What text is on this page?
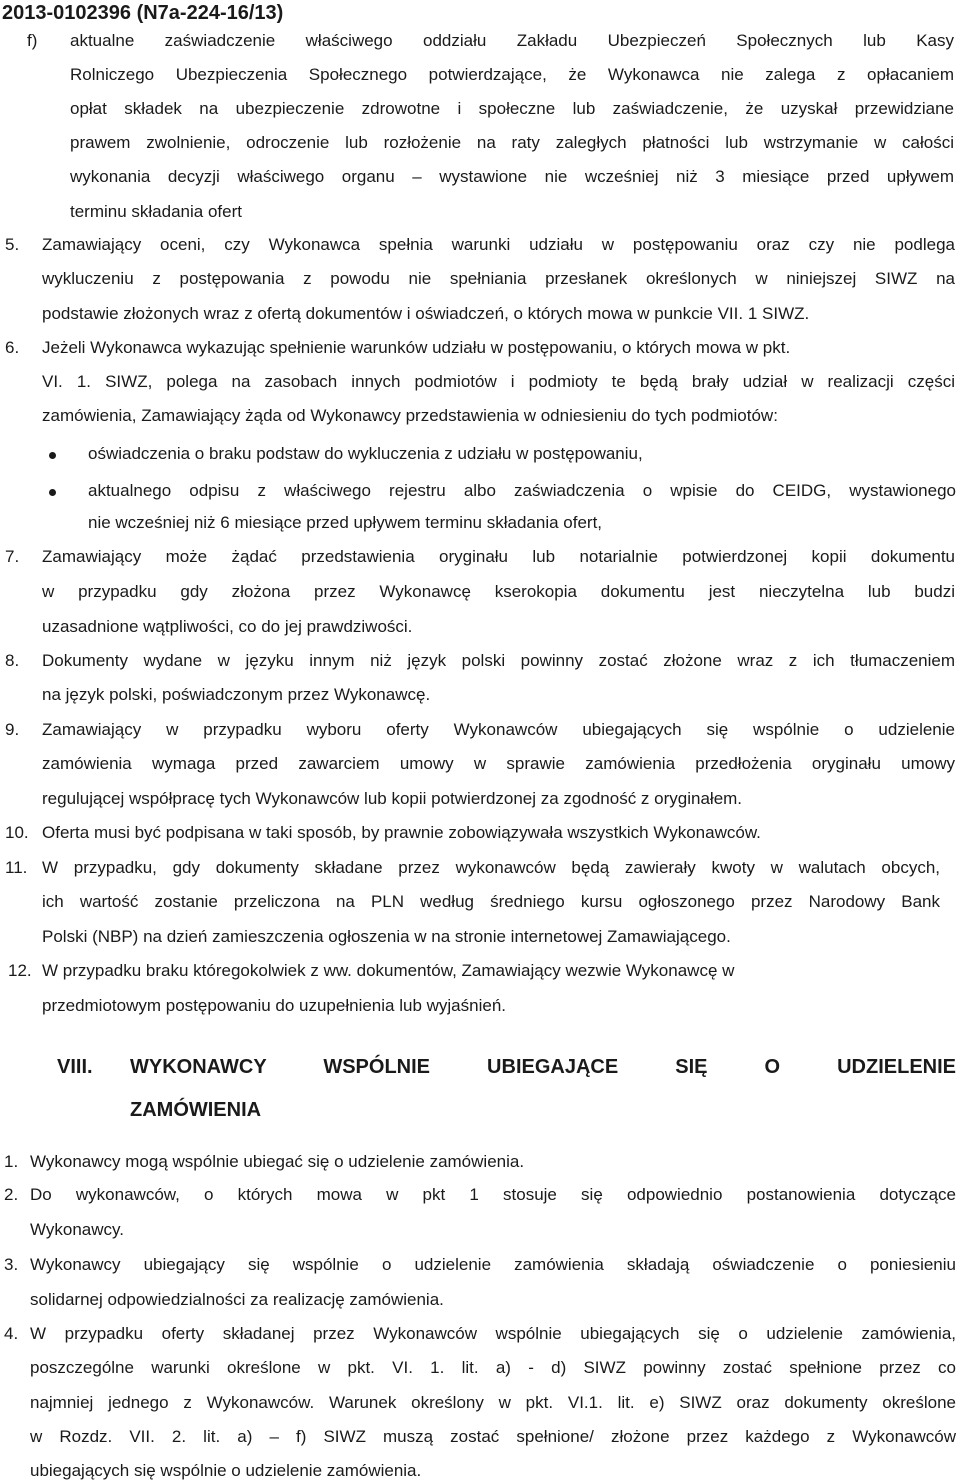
2013-0102396 (N7a-224-16/13)
f) aktualne zaświadczenie właściwego oddziału Zakładu Ubezpieczeń Społecznych lub Kasy
Rolniczego Ubezpieczenia Społecznego potwierdzające, że Wykonawca nie zalega z opłacaniem
opłat składek na ubezpieczenie zdrowotne i społeczne lub zaświadczenie, że uzyskał przewidziane
prawem zwolnienie, odroczenie lub rozłożenie na raty zaległych płatności lub wstrzymanie w całości
wykonania decyzji właściwego organu – wystawione nie wcześniej niż 3 miesiące przed upływem
terminu składania ofert
5. Zamawiający oceni, czy Wykonawca spełnia warunki udziału w postępowaniu oraz czy nie podlega
wykluczeniu z postępowania z powodu nie spełniania przesłanek określonych w niniejszej SIWZ na
podstawie złożonych wraz z ofertą dokumentów i oświadczeń, o których mowa w punkcie VII. 1 SIWZ.
6. Jeżeli Wykonawca wykazując spełnienie warunków udziału w postępowaniu, o których mowa w pkt.
VI. 1. SIWZ, polega na zasobach innych podmiotów i podmioty te będą brały udział w realizacji części
zamówienia, Zamawiający żąda od Wykonawcy przedstawienia w odniesieniu do tych podmiotów:
oświadczenia o braku podstaw do wykluczenia z udziału w postępowaniu,
aktualnego odpisu z właściwego rejestru albo zaświadczenia o wpisie do CEIDG, wystawionego
nie wcześniej niż 6 miesiące przed upływem terminu składania ofert,
7. Zamawiający może żądać przedstawienia oryginału lub notarialnie potwierdzonej kopii dokumentu
w przypadku gdy złożona przez Wykonawcę kserokopia dokumentu jest nieczytelna lub budzi
uzasadnione wątpliwości, co do jej prawdziwości.
8. Dokumenty wydane w języku innym niż język polski powinny zostać złożone wraz z ich tłumaczeniem
na język polski, poświadczonym przez Wykonawcę.
9. Zamawiający w przypadku wyboru oferty Wykonawców ubiegających się wspólnie o udzielenie
zamówienia wymaga przed zawarciem umowy w sprawie zamówienia przedłożenia oryginału umowy
regulującej współpracę tych Wykonawców lub kopii potwierdzonej za zgodność z oryginałem.
10. Oferta musi być podpisana w taki sposób, by prawnie zobowiązywała wszystkich Wykonawców.
11. W przypadku, gdy dokumenty składane przez wykonawców będą zawierały kwoty w walutach obcych,
ich wartość zostanie przeliczona na PLN według średniego kursu ogłoszonego przez Narodowy Bank
Polski (NBP) na dzień zamieszczenia ogłoszenia w na stronie internetowej Zamawiającego.
12. W przypadku braku któregokolwiek z ww. dokumentów, Zamawiający wezwie Wykonawcę w
przedmiotowym postępowaniu do uzupełnienia lub wyjaśnień.
VIII. WYKONAWCY   WSPÓLNIE   UBIEGAJĄCE   SIĘ   O   UDZIELENIE
ZAMÓWIENIA
1. Wykonawcy mogą wspólnie ubiegać się o udzielenie zamówienia.
2. Do wykonawców, o których mowa w pkt 1 stosuje się odpowiednio postanowienia dotyczące
Wykonawcy.
3. Wykonawcy ubiegający się wspólnie o udzielenie zamówienia składają oświadczenie o poniesieniu
solidarnej odpowiedzialności za realizację zamówienia.
4. W przypadku oferty składanej przez Wykonawców wspólnie ubiegających się o udzielenie zamówienia,
poszczególne warunki określone w pkt. VI. 1. lit. a) - d) SIWZ powinny zostać spełnione przez co
najmniej jednego z Wykonawców. Warunek określony w pkt. VI.1. lit. e) SIWZ oraz dokumenty określone
w Rozdz. VII. 2. lit. a) – f) SIWZ muszą zostać spełnione/ złożone przez każdego z Wykonawców
ubiegających się wspólnie o udzielenie zamówienia.
